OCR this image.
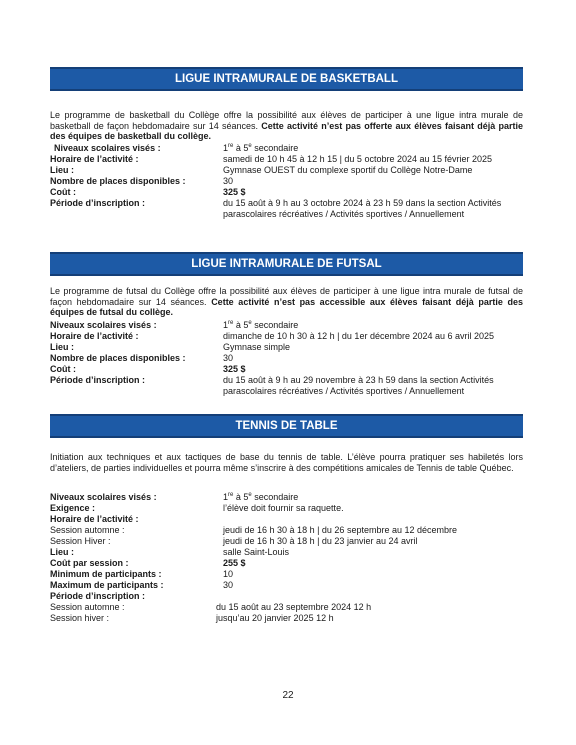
LIGUE INTRAMURALE DE BASKETBALL
Le programme de basketball du Collège offre la possibilité aux élèves de participer à une ligue intra murale de basketball de façon hebdomadaire sur 14 séances. Cette activité n’est pas offerte aux élèves faisant déjà partie des équipes de basketball du collège.
Niveaux scolaires visés :	1re à 5e secondaire
Horaire de l’activité :	samedi de 10 h 45 à 12 h 15 | du 5 octobre 2024 au 15 février 2025
Lieu :	Gymnase OUEST du complexe sportif du Collège Notre-Dame
Nombre de places disponibles :	30
Coût :	325 $
Période d’inscription :	du 15 août à 9 h au 3 octobre 2024 à 23 h 59 dans la section Activités
parascolaires récréatives / Activités sportives / Annuellement
LIGUE INTRAMURALE DE FUTSAL
Le programme de futsal du Collège offre la possibilité aux élèves de participer à une ligue intra murale de futsal de façon hebdomadaire sur 14 séances. Cette activité n’est pas accessible aux élèves faisant déjà partie des équipes de futsal du collège.
Niveaux scolaires visés :	1re à 5e secondaire
Horaire de l’activité :	dimanche de 10 h 30 à 12 h | du 1er décembre 2024 au 6 avril 2025
Lieu :	Gymnase simple
Nombre de places disponibles :	30
Coût :	325 $
Période d’inscription :	du 15 août à 9 h au 29 novembre à 23 h 59 dans la section Activités
parascolaires récréatives / Activités sportives / Annuellement
TENNIS DE TABLE
Initiation aux techniques et aux tactiques de base du tennis de table. L’élève pourra pratiquer ses habiletés lors d’ateliers, de parties individuelles et pourra même s’inscrire à des compétitions amicales de Tennis de table Québec.
Niveaux scolaires visés :	1re à 5e secondaire
Exigence :	l’élève doit fournir sa raquette.
Horaire de l’activité :
Session automne :	jeudi de 16 h 30 à 18 h | du 26 septembre au 12 décembre
Session Hiver :	jeudi de 16 h 30 à 18 h | du 23 janvier au 24 avril
Lieu :	salle Saint-Louis
Coût par session :	255 $
Minimum de participants :	10
Maximum de participants :	30
Période d’inscription :
Session automne :	du 15 août au 23 septembre 2024 12 h
Session hiver :	jusqu’au 20 janvier 2025 12 h
22
